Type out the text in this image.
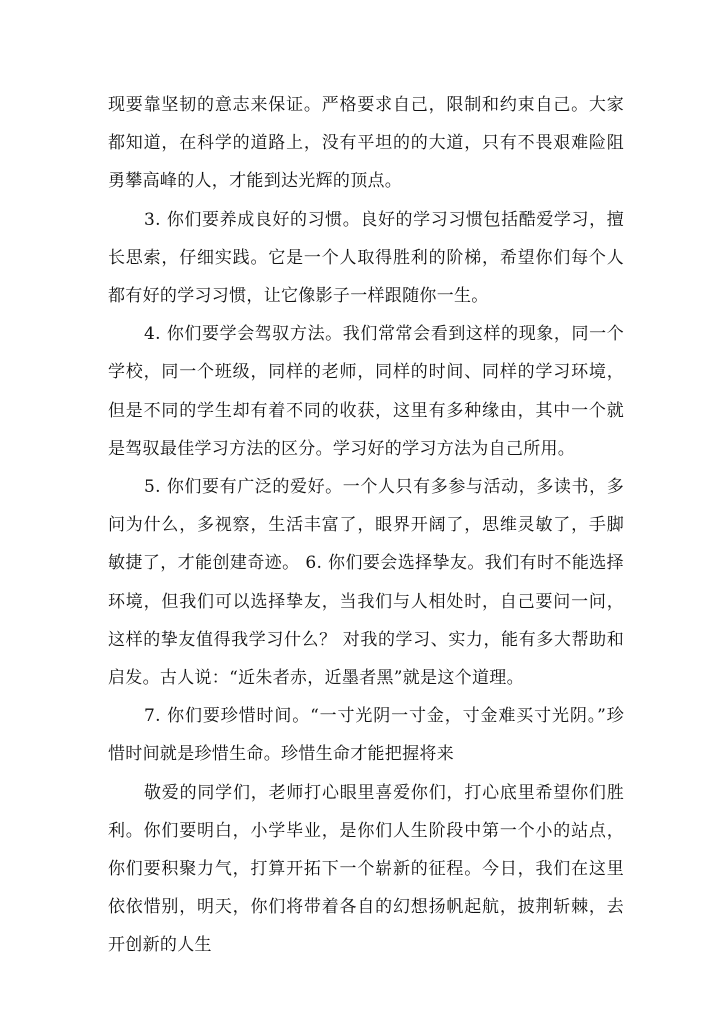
现要靠坚韧的意志来保证。严格要求自己，限制和约束自己。大家都知道，在科学的道路上，没有平坦的的大道，只有不畏艰难险阻勇攀高峰的人，才能到达光辉的顶点。

3. 你们要养成良好的习惯。良好的学习习惯包括酷爱学习，擅长思索，仔细实践。它是一个人取得胜利的阶梯，希望你们每个人都有好的学习习惯，让它像影子一样跟随你一生。

4. 你们要学会驾驭方法。我们常常会看到这样的现象，同一个学校，同一个班级，同样的老师，同样的时间、同样的学习环境，但是不同的学生却有着不同的收获，这里有多种缘由，其中一个就是驾驭最佳学习方法的区分。学习好的学习方法为自己所用。

5. 你们要有广泛的爱好。一个人只有多参与活动，多读书，多问为什么，多视察，生活丰富了，眼界开阔了，思维灵敏了，手脚敏捷了，才能创建奇迹。 6. 你们要会选择挚友。我们有时不能选择环境，但我们可以选择挚友，当我们与人相处时，自己要问一问，这样的挚友值得我学习什么？ 对我的学习、实力，能有多大帮助和启发。古人说：“近朱者赤，近墨者黑”就是这个道理。

7. 你们要珍惜时间。“一寸光阴一寸金，寸金难买寸光阴。”珍惜时间就是珍惜生命。珍惜生命才能把握将来

敬爱的同学们，老师打心眼里喜爱你们，打心底里希望你们胜利。你们要明白，小学毕业，是你们人生阶段中第一个小的站点，你们要积聚力气，打算开拓下一个崭新的征程。今日，我们在这里依依惜别，明天，你们将带着各自的幻想扬帆起航，披荆斩棘，去开创新的人生
